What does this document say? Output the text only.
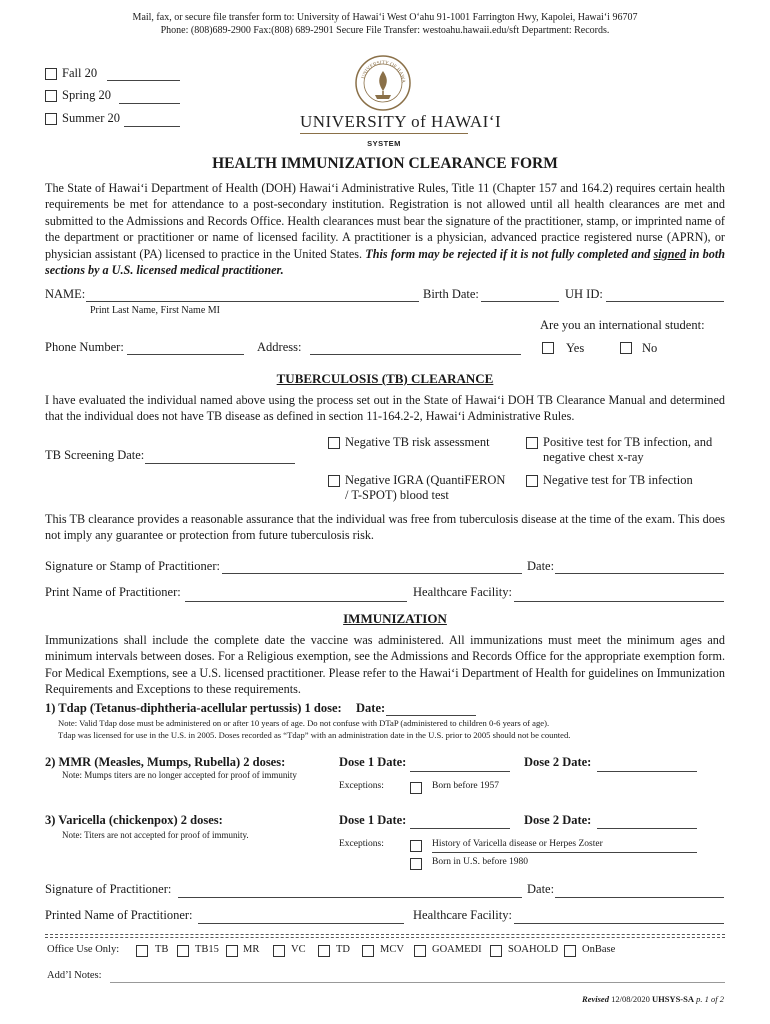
Mail, fax, or secure file transfer form to: University of Hawaiʻi West Oʻahu 91-1001 Farrington Hwy, Kapolei, Hawaiʻi 96707
Phone: (808)689-2900 Fax:(808) 689-2901 Secure File Transfer: westoahu.hawaii.edu/sft Department: Records.
Fall 20
Spring 20
Summer 20
UNIVERSITY OF HAWA
UNIVERSITY of HAWAIʻI
SYSTEM
HEALTH IMMUNIZATION CLEARANCE FORM
The State of Hawaiʻi Department of Health (DOH) Hawaiʻi Administrative Rules, Title 11 (Chapter 157 and 164.2) requires certain health requirements be met for attendance to a post-secondary institution. Registration is not allowed until all health clearances are met and submitted to the Admissions and Records Office. Health clearances must bear the signature of the practitioner, stamp, or imprinted name of the department or practitioner or name of licensed facility. A practitioner is a physician, advanced practice registered nurse (APRN), or physician assistant (PA) licensed to practice in the United States. This form may be rejected if it is not fully completed and signed in both sections by a U.S. licensed medical practitioner.
NAME:
Print Last Name, First Name MI
Birth Date:	UH ID:
Are you an international student:
Phone Number:	Address:	Yes	No
TUBERCULOSIS (TB) CLEARANCE
I have evaluated the individual named above using the process set out in the State of Hawaiʻi DOH TB Clearance Manual and determined that the individual does not have TB disease as defined in section 11-164.2-2, Hawaiʻi Administrative Rules.
TB Screening Date:
Negative TB risk assessment	Positive test for TB infection, and
negative chest x-ray
Negative IGRA (QuantiFERON
/ T-SPOT) blood test
Negative test for TB infection
This TB clearance provides a reasonable assurance that the individual was free from tuberculosis disease at the time of the exam. This does not imply any guarantee or protection from future tuberculosis risk.
Signature or Stamp of Practitioner:	Date:
Print Name of Practitioner:	Healthcare Facility:
IMMUNIZATION
Immunizations shall include the complete date the vaccine was administered. All immunizations must meet the minimum ages and minimum intervals between doses. For a Religious exemption, see the Admissions and Records Office for the appropriate exemption form. For Medical Exemptions, see a U.S. licensed practitioner. Please refer to the Hawaiʻi Department of Health for guidelines on Immunization Requirements and Exceptions to these requirements.
1) Tdap (Tetanus-diphtheria-acellular pertussis) 1 dose: Date:
Note: Valid Tdap dose must be administered on or after 10 years of age. Do not confuse with DTaP (administered to children 0-6 years of age).
Tdap was licensed for use in the U.S. in 2005. Doses recorded as “Tdap” with an administration date in the U.S. prior to 2005 should not be counted.
2) MMR (Measles, Mumps, Rubella) 2 doses:
Note: Mumps titers are no longer accepted for proof of immunity
Dose 1 Date:	Dose 2 Date:
Exceptions:	Born before 1957
3) Varicella (chickenpox) 2 doses:
Note: Titers are not accepted for proof of immunity.
Dose 1 Date:	Dose 2 Date:
Exceptions:	History of Varicella disease or Herpes Zoster
Born in U.S. before 1980
Signature of Practitioner:	Date:
Printed Name of Practitioner:	Healthcare Facility:
Office Use Only:	TB	TB15 MR	VC	TD	MCV	GOAMEDI	SOAHOLD OnBase
Add’l Notes:
Revised 12/08/2020 UHSYS-SA p. 1 of 2
